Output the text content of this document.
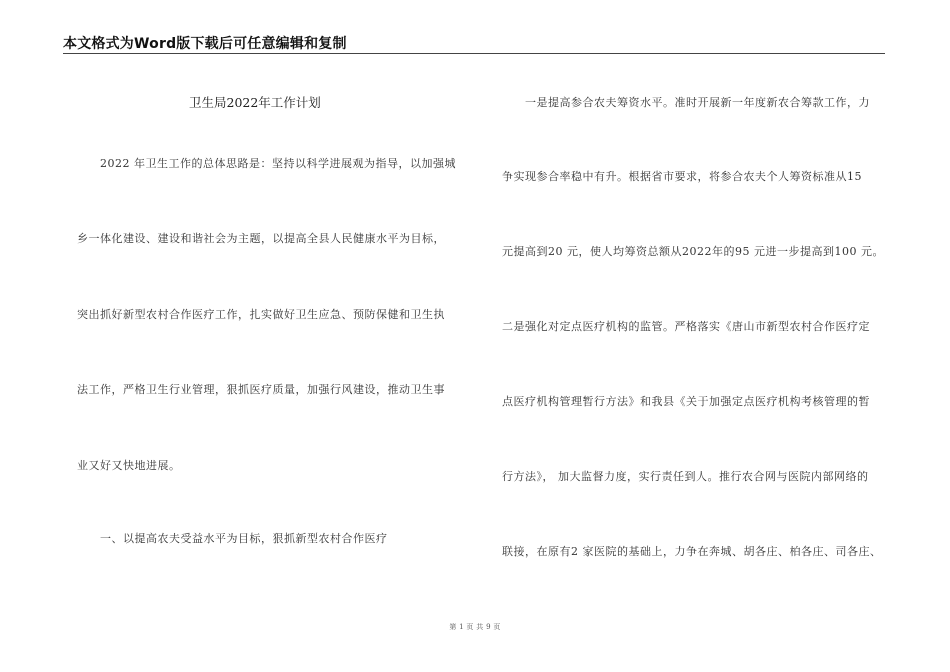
本文格式为Word版下载后可任意编辑和复制
卫生局2022年工作计划
2022 年卫生工作的总体思路是：坚持以科学进展观为指导，以加强城
乡一体化建设、建设和谐社会为主题，以提高全县人民健康水平为目标，
突出抓好新型农村合作医疗工作，扎实做好卫生应急、预防保健和卫生执
法工作，严格卫生行业管理，狠抓医疗质量，加强行风建设，推动卫生事
业又好又快地进展。
一、以提高农夫受益水平为目标，狠抓新型农村合作医疗
一是提高参合农夫筹资水平。准时开展新一年度新农合筹款工作，力
争实现参合率稳中有升。根据省市要求，将参合农夫个人筹资标准从15
元提高到20 元，使人均筹资总额从2022年的95 元进一步提高到100 元。
二是强化对定点医疗机构的监管。严格落实《唐山市新型农村合作医疗定
点医疗机构管理暂行方法》和我县《关于加强定点医疗机构考核管理的暂
行方法》， 加大监督力度，实行责任到人。推行农合网与医院内部网络的
联接，在原有2 家医院的基础上，力争在奔城、胡各庄、柏各庄、司各庄、
第 1 页 共 9 页
